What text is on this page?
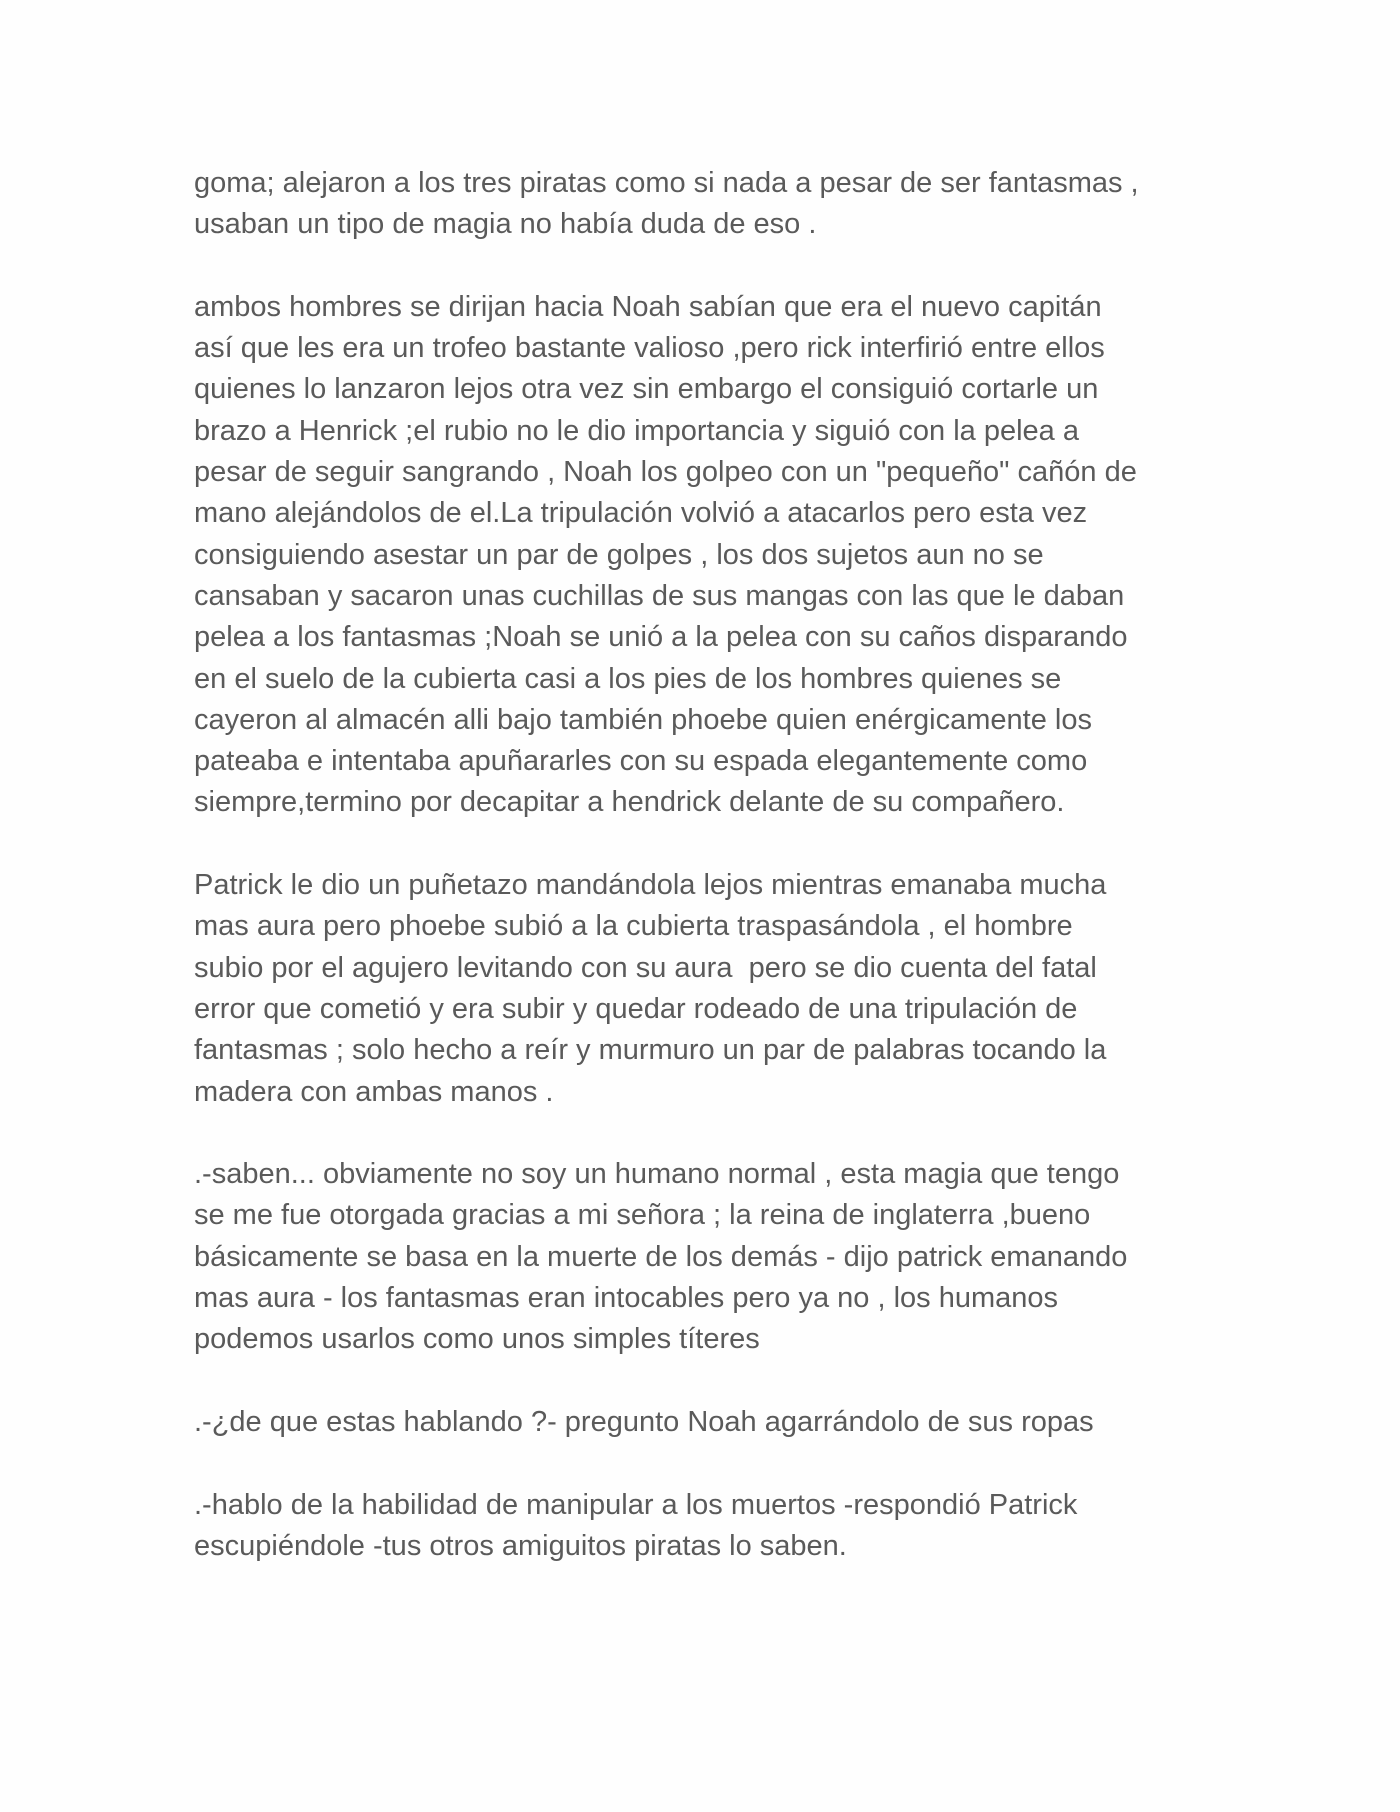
goma; alejaron a los tres piratas como si nada a pesar de ser fantasmas ,
usaban un tipo de magia no había duda de eso .
ambos hombres se dirijan hacia Noah sabían que era el nuevo capitán
así que les era un trofeo bastante valioso ,pero rick interfirió entre ellos
quienes lo lanzaron lejos otra vez sin embargo el consiguió cortarle un
brazo a Henrick ;el rubio no le dio importancia y siguió con la pelea a
pesar de seguir sangrando , Noah los golpeo con un "pequeño" cañón de
mano alejándolos de el.La tripulación volvió a atacarlos pero esta vez
consiguiendo asestar un par de golpes , los dos sujetos aun no se
cansaban y sacaron unas cuchillas de sus mangas con las que le daban
pelea a los fantasmas ;Noah se unió a la pelea con su caños disparando
en el suelo de la cubierta casi a los pies de los hombres quienes se
cayeron al almacén alli bajo también phoebe quien enérgicamente los
pateaba e intentaba apuñararles con su espada elegantemente como
siempre,termino por decapitar a hendrick delante de su compañero.
Patrick le dio un puñetazo mandándola lejos mientras emanaba mucha
mas aura pero phoebe subió a la cubierta traspasándola , el hombre
subio por el agujero levitando con su aura  pero se dio cuenta del fatal
error que cometió y era subir y quedar rodeado de una tripulación de
fantasmas ; solo hecho a reír y murmuro un par de palabras tocando la
madera con ambas manos .
.-saben... obviamente no soy un humano normal , esta magia que tengo
se me fue otorgada gracias a mi señora ; la reina de inglaterra ,bueno
básicamente se basa en la muerte de los demás - dijo patrick emanando
mas aura - los fantasmas eran intocables pero ya no , los humanos
podemos usarlos como unos simples títeres
.-¿de que estas hablando ?- pregunto Noah agarrándolo de sus ropas
.-hablo de la habilidad de manipular a los muertos -respondió Patrick
escupiéndole -tus otros amiguitos piratas lo saben.
